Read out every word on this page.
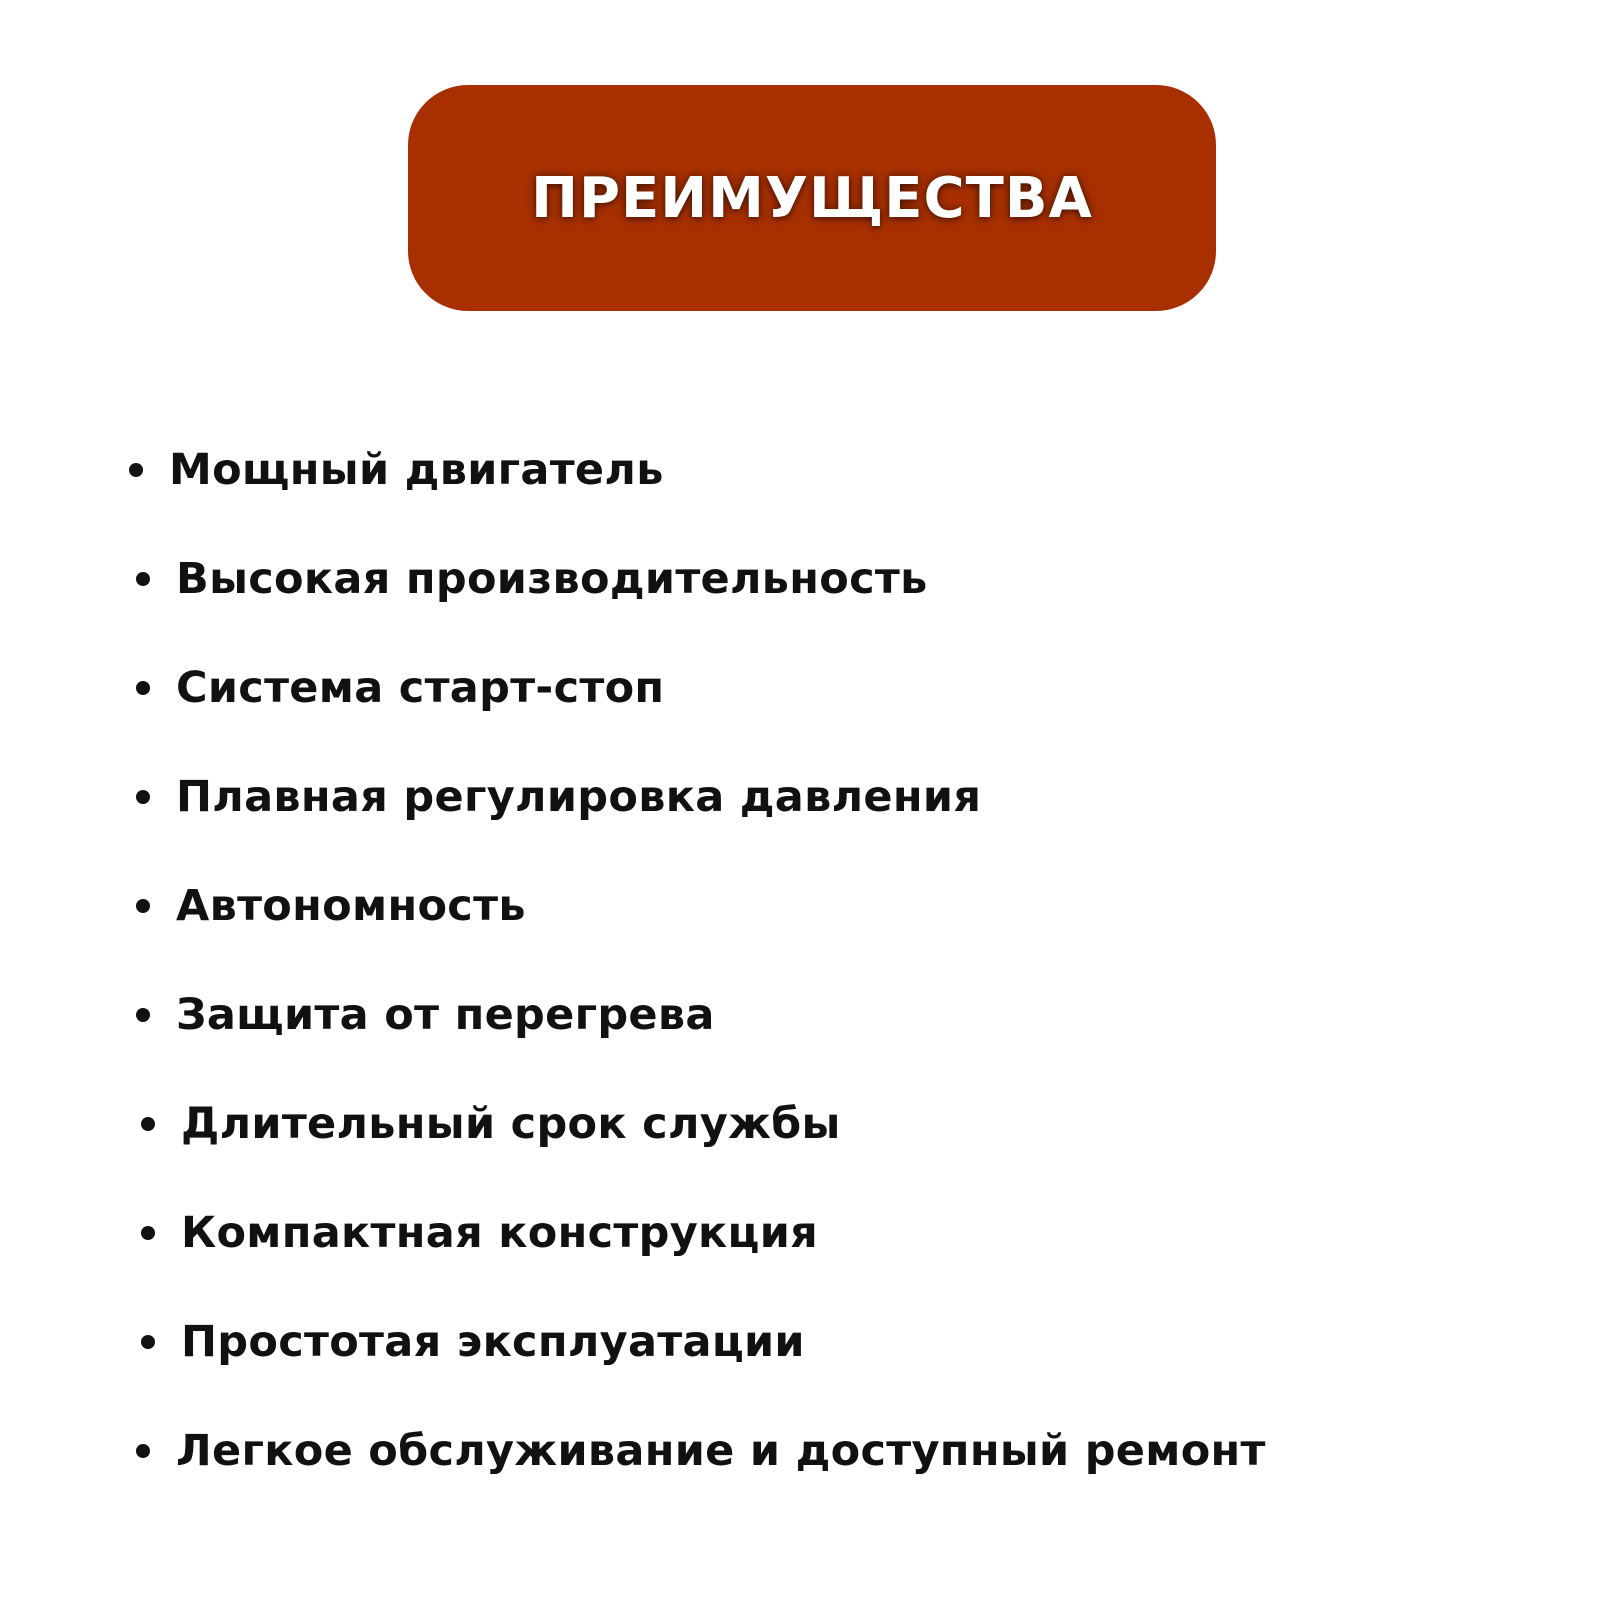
ПРЕИМУЩЕСТВА
Мощный двигатель
Высокая производительность
Система старт-стоп
Плавная регулировка давления
Автономность
Защита от перегрева
Длительный срок службы
Компактная конструкция
Простотая эксплуатации
Легкое обслуживание и доступный ремонт
